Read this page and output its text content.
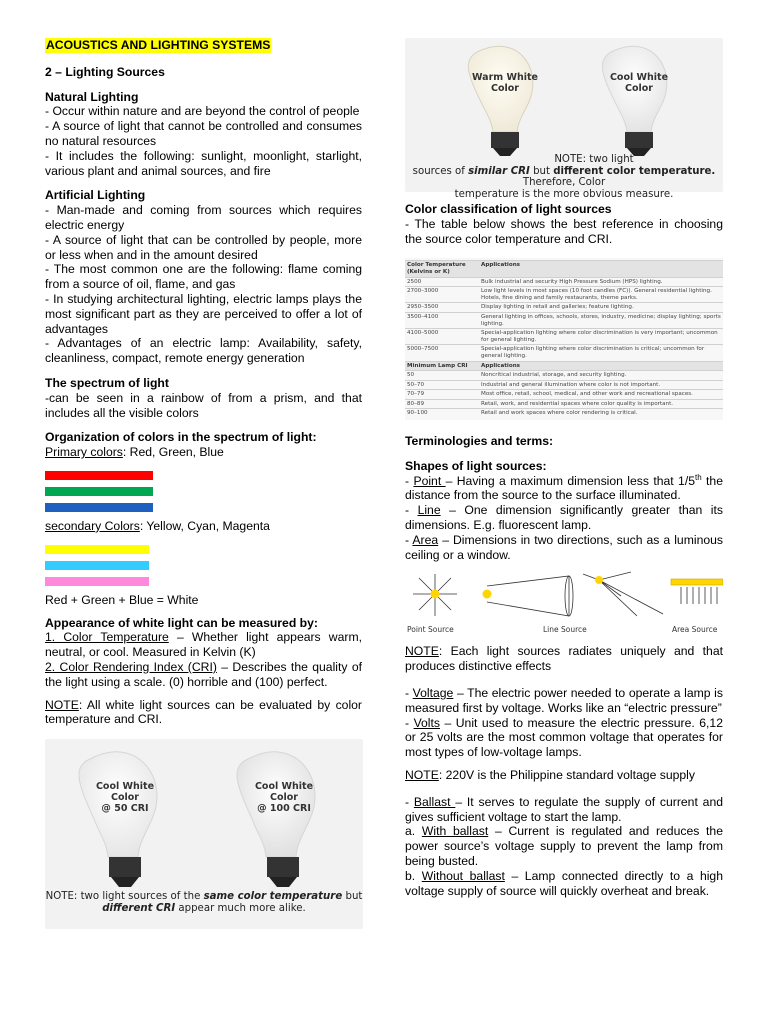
ACOUSTICS AND LIGHTING SYSTEMS

2 – Lighting Sources

Natural Lighting

- Occur within nature and are beyond the control of people

- A source of light that cannot be controlled and consumes no natural resources

- It includes the following: sunlight, moonlight, starlight, various plant and animal sources, and fire

Artificial Lighting

- Man-made and coming from sources which requires electric energy

- A source of light that can be controlled by people, more or less when and in the amount desired

- The most common one are the following: flame coming from a source of oil, flame, and gas

- In studying architectural lighting, electric lamps plays the most significant part as they are perceived to offer a lot of advantages

- Advantages of an electric lamp: Availability, safety, cleanliness, compact, remote energy generation

The spectrum of light

-can be seen in a rainbow of from a prism, and that includes all the visible colors

Organization of colors in the spectrum of light:

Primary colors: Red, Green, Blue

secondary Colors: Yellow, Cyan, Magenta

Red + Green + Blue = White

Appearance of white light can be measured by:

1. Color Temperature – Whether light appears warm, neutral, or cool. Measured in Kelvin (K)

2. Color Rendering Index (CRI) – Describes the quality of the light using a scale. (0) horrible and (100) perfect.

NOTE: All white light sources can be evaluated by color temperature and CRI.

Cool White
Color
@ 50 CRI
Cool White
Color
@ 100 CRI
NOTE: two light sources of the same color temperature but different CRI appear much more alike.
Warm White
Color
Cool White
Color
NOTE: two light
sources of similar CRI but different color temperature.
Therefore, Color
temperature is the more obvious measure.

Color classification of light sources

- The table below shows the best reference in choosing the source color temperature and CRI.

Color Temperature (Kelvins or K)	Applications
2500	Bulk industrial and security High Pressure Sodium (HPS) lighting.
2700–3000	Low light levels in most spaces (10 foot candles (FC)). General residential lighting. Hotels, fine dining and family restaurants, theme parks.
2950–3500	Display lighting in retail and galleries; feature lighting.
3500–4100	General lighting in offices, schools, stores, industry, medicine; display lighting; sports lighting.
4100–5000	Special-application lighting where color discrimination is very important; uncommon for general lighting.
5000–7500	Special-application lighting where color discrimination is critical; uncommon for general lighting.
Minimum Lamp CRI	Applications
50	Noncritical industrial, storage, and security lighting.
50–70	Industrial and general illumination where color is not important.
70–79	Most office, retail, school, medical, and other work and recreational spaces.
80–89	Retail, work, and residential spaces where color quality is important.
90–100	Retail and work spaces where color rendering is critical.

Terminologies and terms:

Shapes of light sources:

- Point – Having a maximum dimension less that 1/5th the distance from the source to the surface illuminated.

- Line – One dimension significantly greater than its dimensions. E.g. fluorescent lamp.

- Area – Dimensions in two directions, such as a luminous ceiling or a window.

Point Source	Line Source	Area Source

NOTE: Each light sources radiates uniquely and that produces distinctive effects

- Voltage – The electric power needed to operate a lamp is measured first by voltage. Works like an “electric pressure”

- Volts – Unit used to measure the electric pressure. 6,12 or 25 volts are the most common voltage that operates for most types of low-voltage lamps.

NOTE: 220V is the Philippine standard voltage supply

- Ballast – It serves to regulate the supply of current and gives sufficient voltage to start the lamp.

a. With ballast – Current is regulated and reduces the power source’s voltage supply to prevent the lamp from being busted.

b. Without ballast – Lamp connected directly to a high voltage supply of source will quickly overheat and break.
